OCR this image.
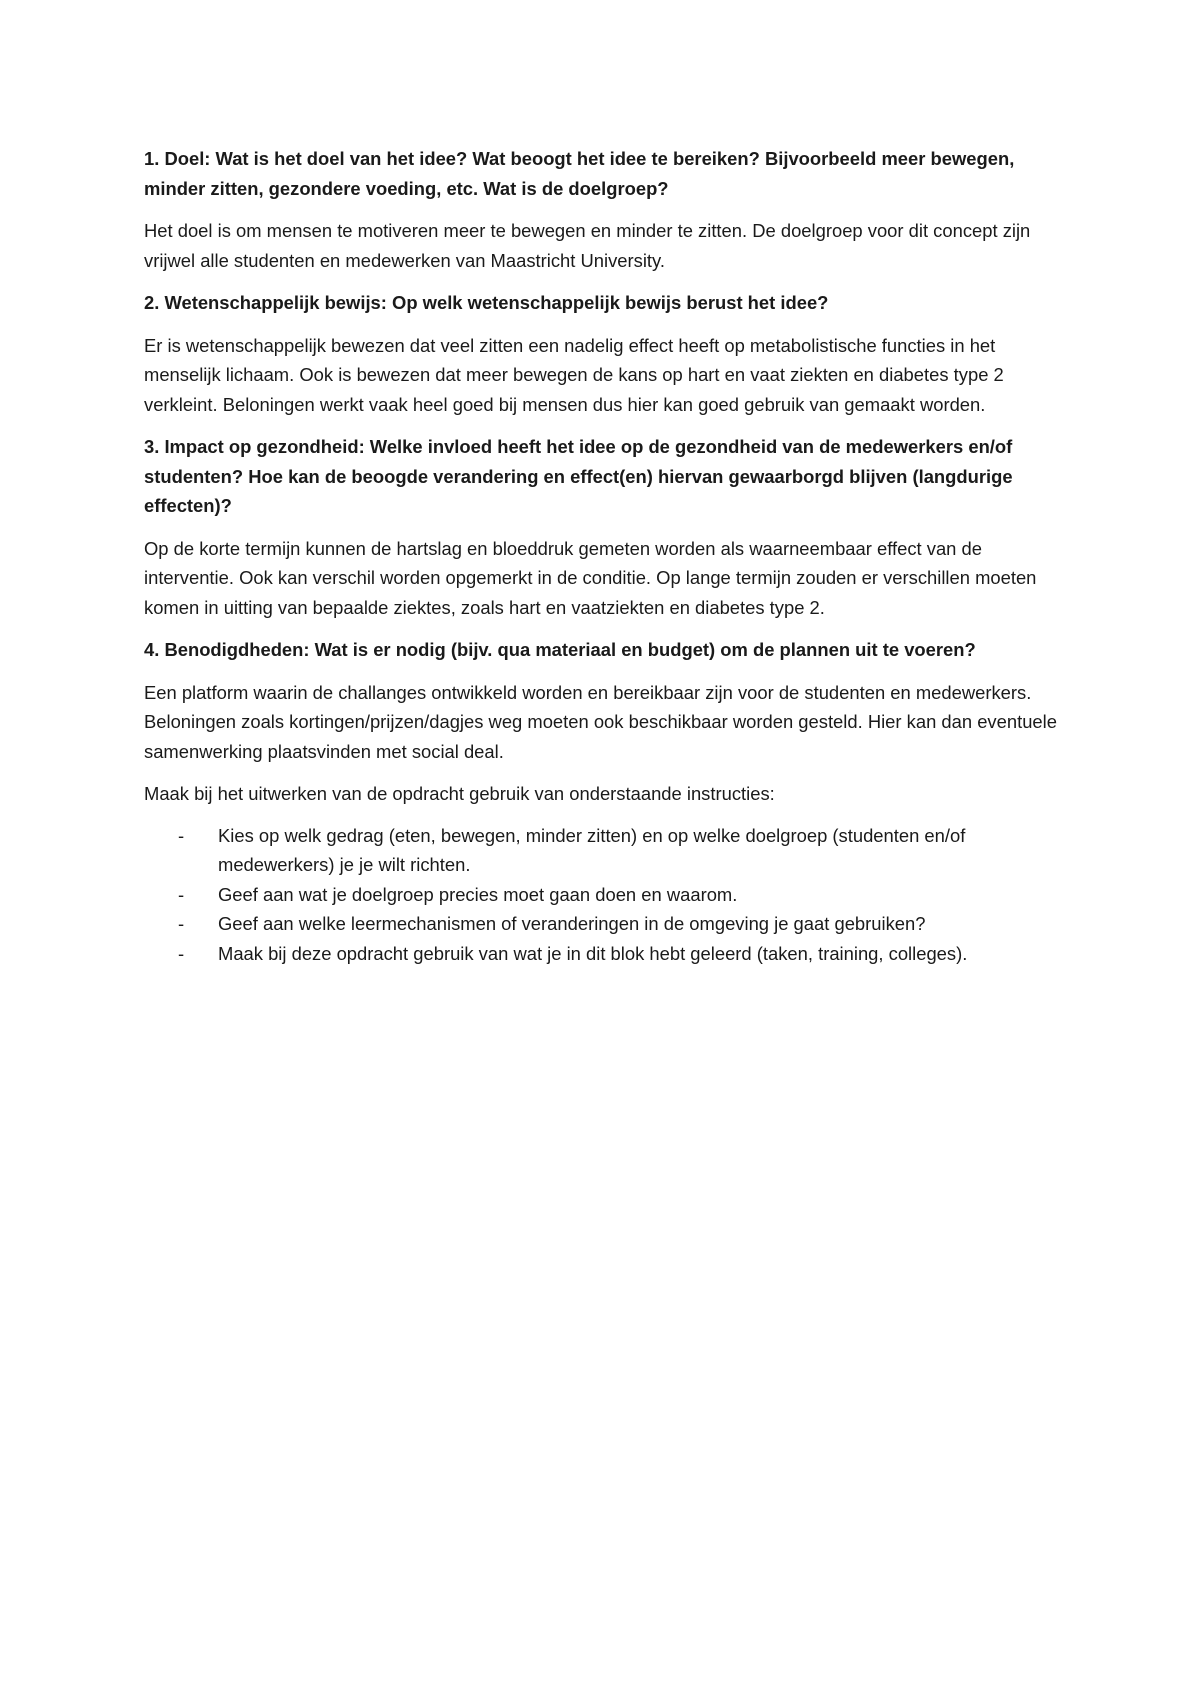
1. Doel: Wat is het doel van het idee? Wat beoogt het idee te bereiken? Bijvoorbeeld meer bewegen, minder zitten, gezondere voeding, etc. Wat is de doelgroep?

Het doel is om mensen te motiveren meer te bewegen en minder te zitten. De doelgroep voor dit concept zijn vrijwel alle studenten en medewerken van Maastricht University.

2. Wetenschappelijk bewijs: Op welk wetenschappelijk bewijs berust het idee?

Er is wetenschappelijk bewezen dat veel zitten een nadelig effect heeft op metabolistische functies in het menselijk lichaam. Ook is bewezen dat meer bewegen de kans op hart en vaat ziekten en diabetes type 2 verkleint. Beloningen werkt vaak heel goed bij mensen dus hier kan goed gebruik van gemaakt worden.

3. Impact op gezondheid: Welke invloed heeft het idee op de gezondheid van de medewerkers en/of studenten? Hoe kan de beoogde verandering en effect(en) hiervan gewaarborgd blijven (langdurige effecten)?

Op de korte termijn kunnen de hartslag en bloeddruk gemeten worden als waarneembaar effect van de interventie. Ook kan verschil worden opgemerkt in de conditie. Op lange termijn zouden er verschillen moeten komen in uitting van bepaalde ziektes, zoals hart en vaatziekten en diabetes type 2.

4. Benodigdheden: Wat is er nodig (bijv. qua materiaal en budget) om de plannen uit te voeren?

Een platform waarin de challanges ontwikkeld worden en bereikbaar zijn voor de studenten en medewerkers. Beloningen zoals kortingen/prijzen/dagjes weg moeten ook beschikbaar worden gesteld. Hier kan dan eventuele samenwerking plaatsvinden met social deal.

Maak bij het uitwerken van de opdracht gebruik van onderstaande instructies:

- Kies op welk gedrag (eten, bewegen, minder zitten) en op welke doelgroep (studenten en/of medewerkers) je je wilt richten.
- Geef aan wat je doelgroep precies moet gaan doen en waarom.
- Geef aan welke leermechanismen of veranderingen in de omgeving je gaat gebruiken?
- Maak bij deze opdracht gebruik van wat je in dit blok hebt geleerd (taken, training, colleges).
